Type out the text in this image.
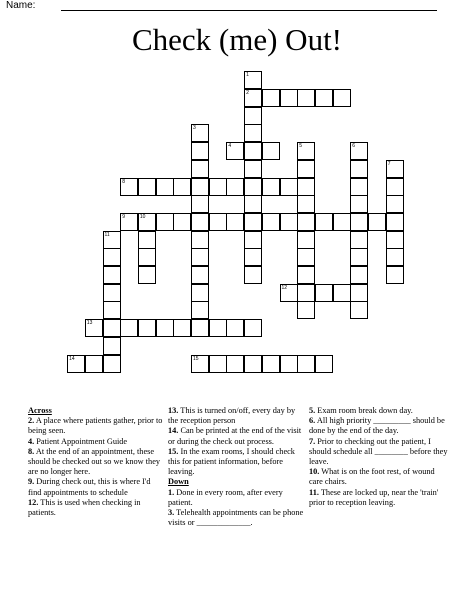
Name:
Check (me) Out!
1
2
3
4	5	6
7
8
9	10
11
12
13
14	15
Across
2. A place where patients gather, prior to being seen.
4. Patient Appointment Guide
8. At the end of an appointment, these should be checked out so we know they are no longer here.
9. During check out, this is where I'd find appointments to schedule
12. This is used when checking in patients.
13. This is turned on/off, every day by the reception person
14. Can be printed at the end of the visit or during the check out process.
15. In the exam rooms, I should check this for patient information, before leaving.
Down
1. Done in every room, after every patient.
3. Telehealth appointments can be phone visits or _____________.
5. Exam room break down day.
6. All high priority _________ should be done by the end of the day.
7. Prior to checking out the patient, I should schedule all ________ before they leave.
10. What is on the foot rest, of wound care chairs.
11. These are locked up, near the 'train' prior to reception leaving.
